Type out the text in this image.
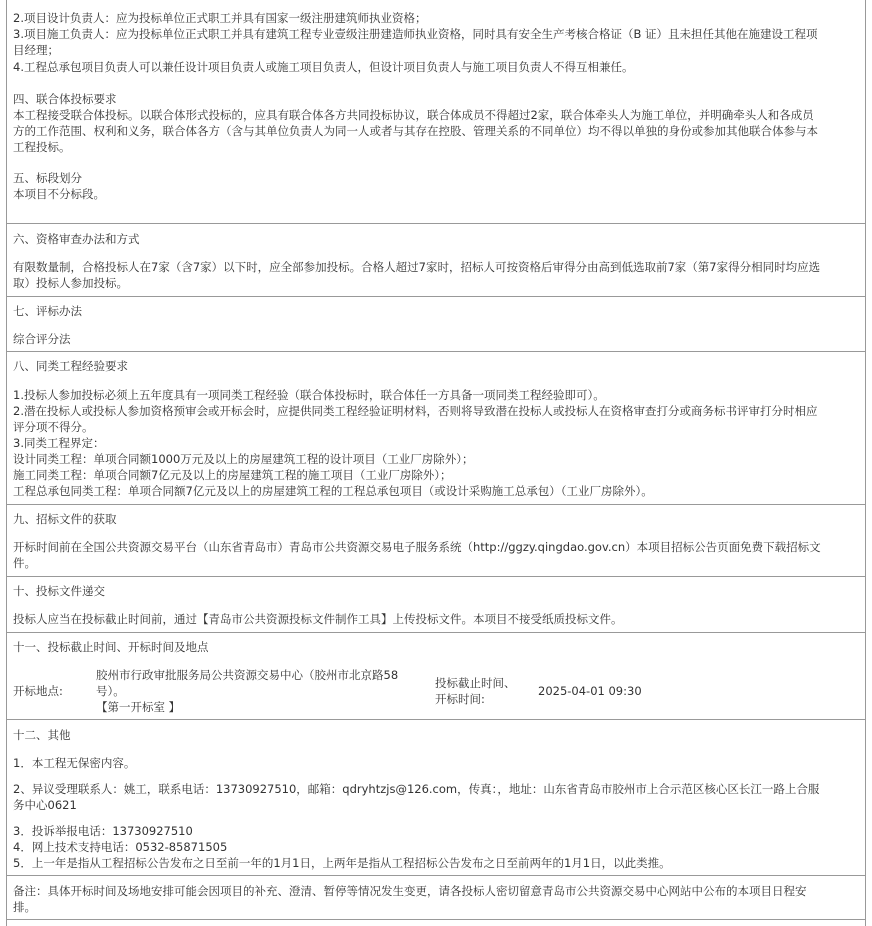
2.项目设计负责人：应为投标单位正式职工并具有国家一级注册建筑师执业资格；
3.项目施工负责人：应为投标单位正式职工并具有建筑工程专业壹级注册建造师执业资格，同时具有安全生产考核合格证（B 证）且未担任其他在施建设工程项
目经理；
4.工程总承包项目负责人可以兼任设计项目负责人或施工项目负责人，但设计项目负责人与施工项目负责人不得互相兼任。
四、联合体投标要求
本工程接受联合体投标。以联合体形式投标的，应具有联合体各方共同投标协议，联合体成员不得超过2家，联合体牵头人为施工单位，并明确牵头人和各成员
方的工作范围、权利和义务，联合体各方（含与其单位负责人为同一人或者与其存在控股、管理关系的不同单位）均不得以单独的身份或参加其他联合体参与本
工程投标。
五、标段划分
本项目不分标段。
六、资格审查办法和方式
有限数量制，合格投标人在7家（含7家）以下时，应全部参加投标。合格人超过7家时，招标人可按资格后审得分由高到低选取前7家（第7家得分相同时均应选
取）投标人参加投标。
七、评标办法
综合评分法
八、同类工程经验要求
1.投标人参加投标必须上五年度具有一项同类工程经验（联合体投标时，联合体任一方具备一项同类工程经验即可）。
2.潜在投标人或投标人参加资格预审会或开标会时，应提供同类工程经验证明材料，否则将导致潜在投标人或投标人在资格审查打分或商务标书评审打分时相应
评分项不得分。
3.同类工程界定：
设计同类工程：单项合同额1000万元及以上的房屋建筑工程的设计项目（工业厂房除外）；
施工同类工程：单项合同额7亿元及以上的房屋建筑工程的施工项目（工业厂房除外）；
工程总承包同类工程：单项合同额7亿元及以上的房屋建筑工程的工程总承包项目（或设计采购施工总承包）（工业厂房除外）。
九、招标文件的获取
开标时间前在全国公共资源交易平台（山东省青岛市）青岛市公共资源交易电子服务系统（http://ggzy.qingdao.gov.cn）本项目招标公告页面免费下载招标文
件。
十、投标文件递交
投标人应当在投标截止时间前，通过【青岛市公共资源投标文件制作工具】上传投标文件。本项目不接受纸质投标文件。
十一、投标截止时间、开标时间及地点
开标地点:
胶州市行政审批服务局公共资源交易中心（胶州市北京路58
号）。
【第一开标室 】
投标截止时间、
开标时间:
2025-04-01 09:30
十二、其他
1．本工程无保密内容。
2、异议受理联系人：姚工，联系电话：13730927510，邮箱：qdryhtzjs@126.com，传真：，地址：山东省青岛市胶州市上合示范区核心区长江一路上合服
务中心0621
3．投诉举报电话：13730927510
4．网上技术支持电话：0532-85871505
5．上一年是指从工程招标公告发布之日至前一年的1月1日，上两年是指从工程招标公告发布之日至前两年的1月1日，以此类推。
备注：具体开标时间及场地安排可能会因项目的补充、澄清、暂停等情况发生变更，请各投标人密切留意青岛市公共资源交易中心网站中公布的本项目日程安
排。
